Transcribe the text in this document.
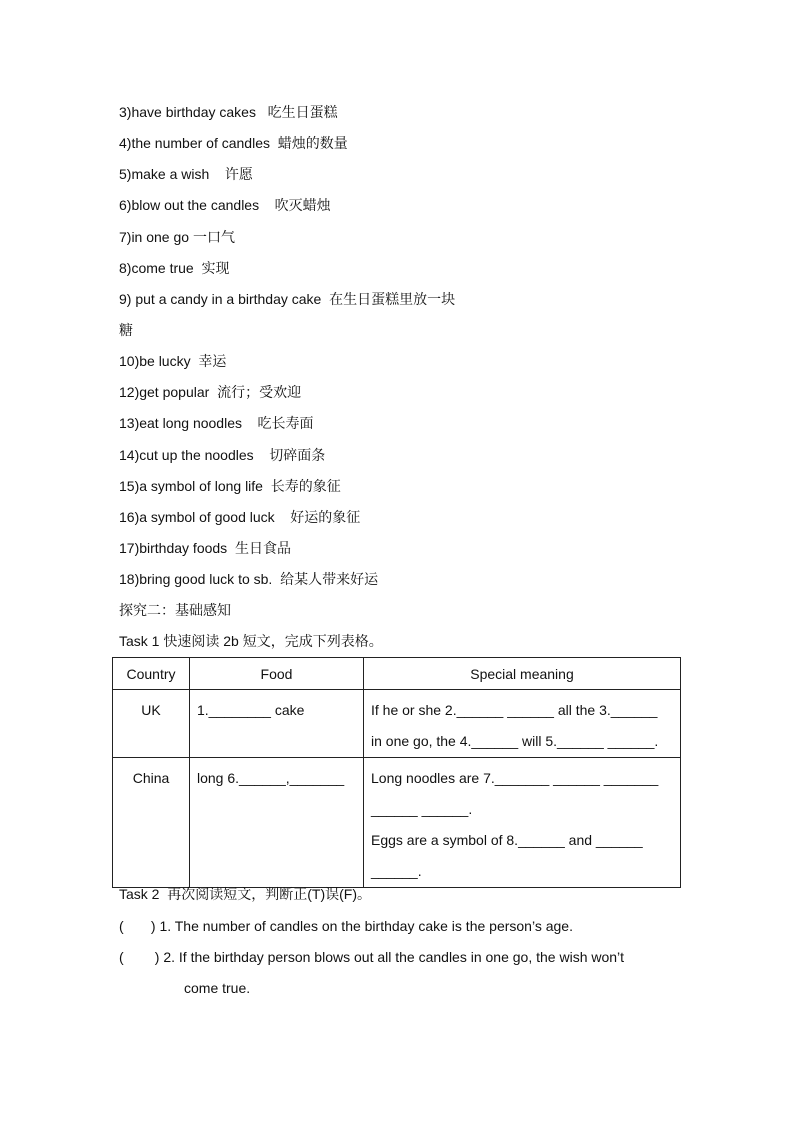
3)have birthday cakes   吃生日蛋糕
4)the number of candles  蜡烛的数量
5)make a wish    许愿
6)blow out the candles    吹灭蜡烛
7)in one go 一口气
8)come true  实现
9) put a candy in a birthday cake  在生日蛋糕里放一块
糖
10)be lucky  幸运
12)get popular  流行；受欢迎
13)eat long noodles    吃长寿面
14)cut up the noodles    切碎面条
15)a symbol of long life  长寿的象征
16)a symbol of good luck    好运的象征
17)birthday foods  生日食品
18)bring good luck to sb.  给某人带来好运
探究二：基础感知
Task 1 快速阅读 2b 短文，完成下列表格。
Country	Food	Special meaning

UK	1.________ cake	If he or she 2.______ ______ all the 3.______

in one go, the 4.______ will 5.______ ______.

China	long 6.______,_______	Long noodles are 7._______ ______ _______

______ ______.

Eggs are a symbol of 8.______ and ______

______.

Task 2  再次阅读短文，判断正(T)误(F)。
(       ) 1. The number of candles on the birthday cake is the person’s age.
(        ) 2. If the birthday person blows out all the candles in one go, the wish won’t
come true.
